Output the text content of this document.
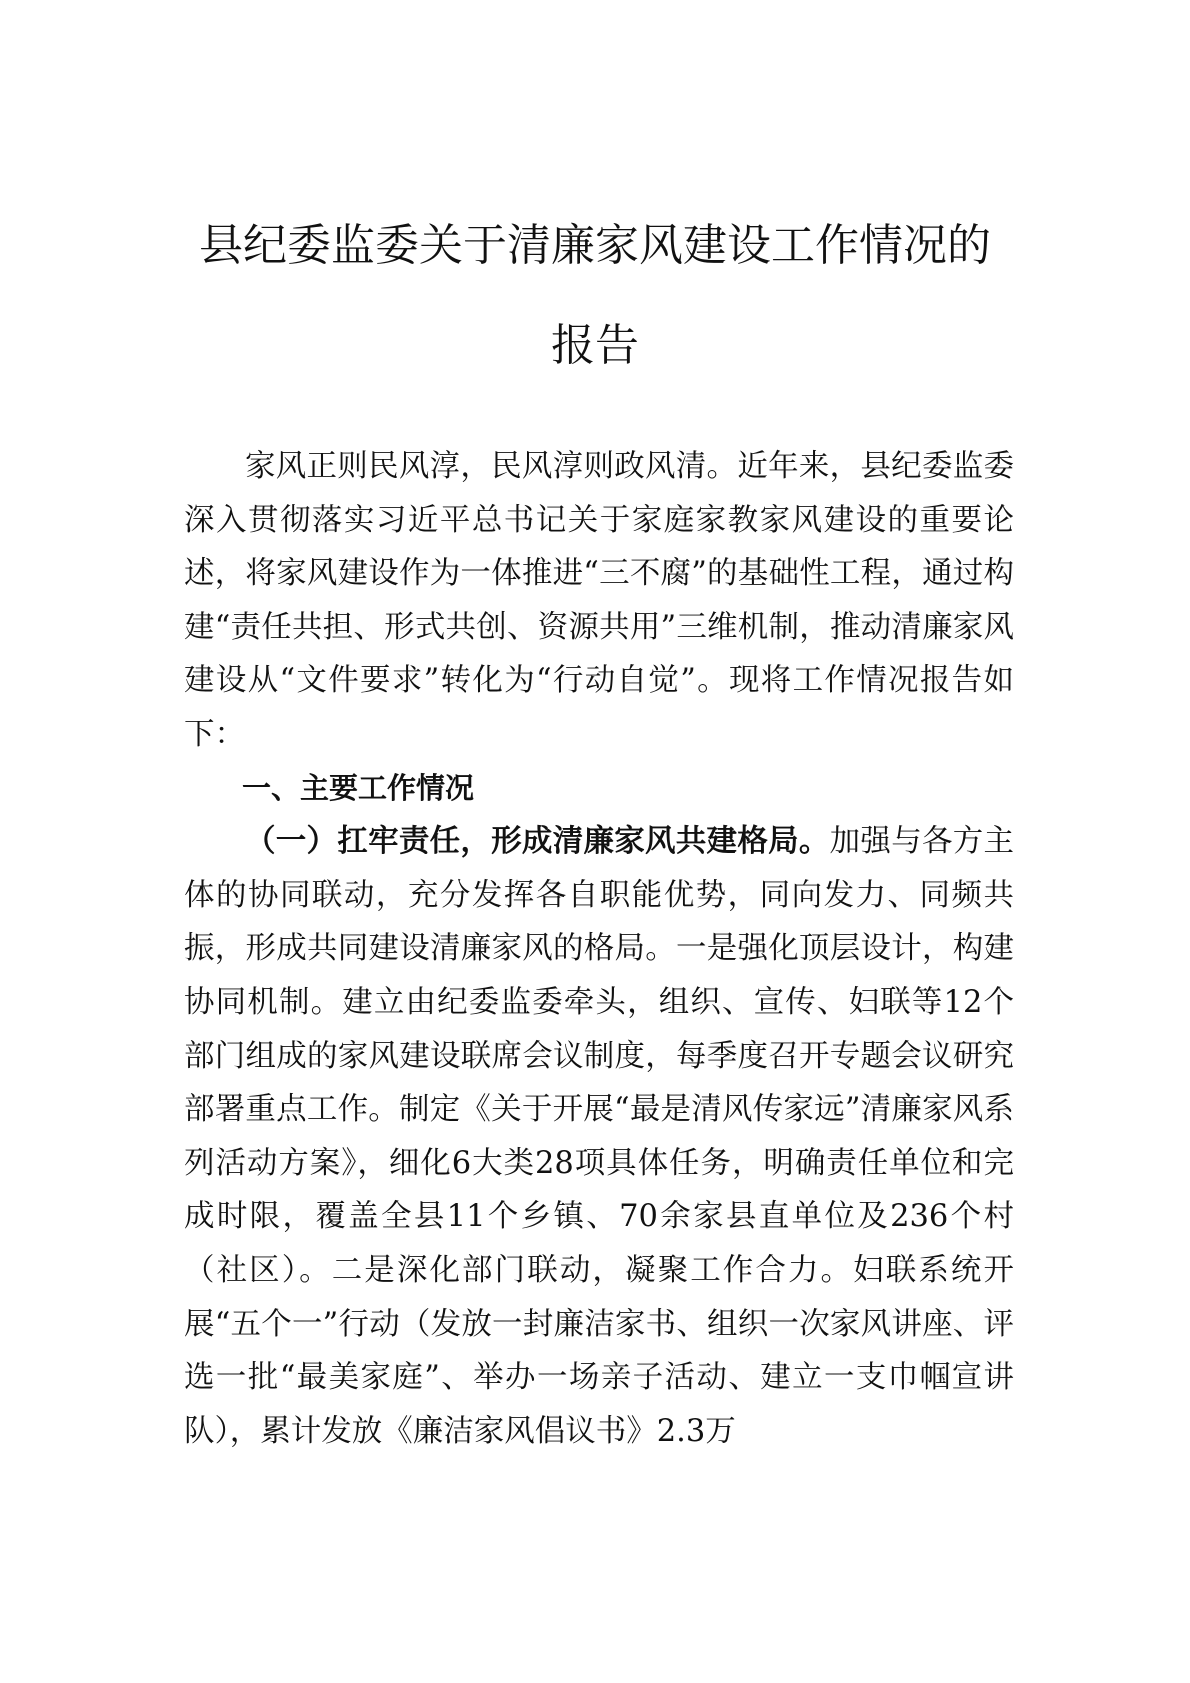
县纪委监委关于清廉家风建设工作情况的
报告

家风正则民风淳，民风淳则政风清。近年来，县纪委监委深入贯彻落实习近平总书记关于家庭家教家风建设的重要论述，将家风建设作为一体推进“三不腐”的基础性工程，通过构建“责任共担、形式共创、资源共用”三维机制，推动清廉家风建设从“文件要求”转化为“行动自觉”。现将工作情况报告如下：

一、主要工作情况

（一）扛牢责任，形成清廉家风共建格局。加强与各方主体的协同联动，充分发挥各自职能优势，同向发力、同频共振，形成共同建设清廉家风的格局。一是强化顶层设计，构建协同机制。建立由纪委监委牵头，组织、宣传、妇联等12个部门组成的家风建设联席会议制度，每季度召开专题会议研究部署重点工作。制定《关于开展“最是清风传家远”清廉家风系列活动方案》，细化6大类28项具体任务，明确责任单位和完成时限，覆盖全县11个乡镇、70余家县直单位及236个村（社区）。二是深化部门联动，凝聚工作合力。妇联系统开展“五个一”行动（发放一封廉洁家书、组织一次家风讲座、评选一批“最美家庭”、举办一场亲子活动、建立一支巾帼宣讲队），累计发放《廉洁家风倡议书》2.3万
